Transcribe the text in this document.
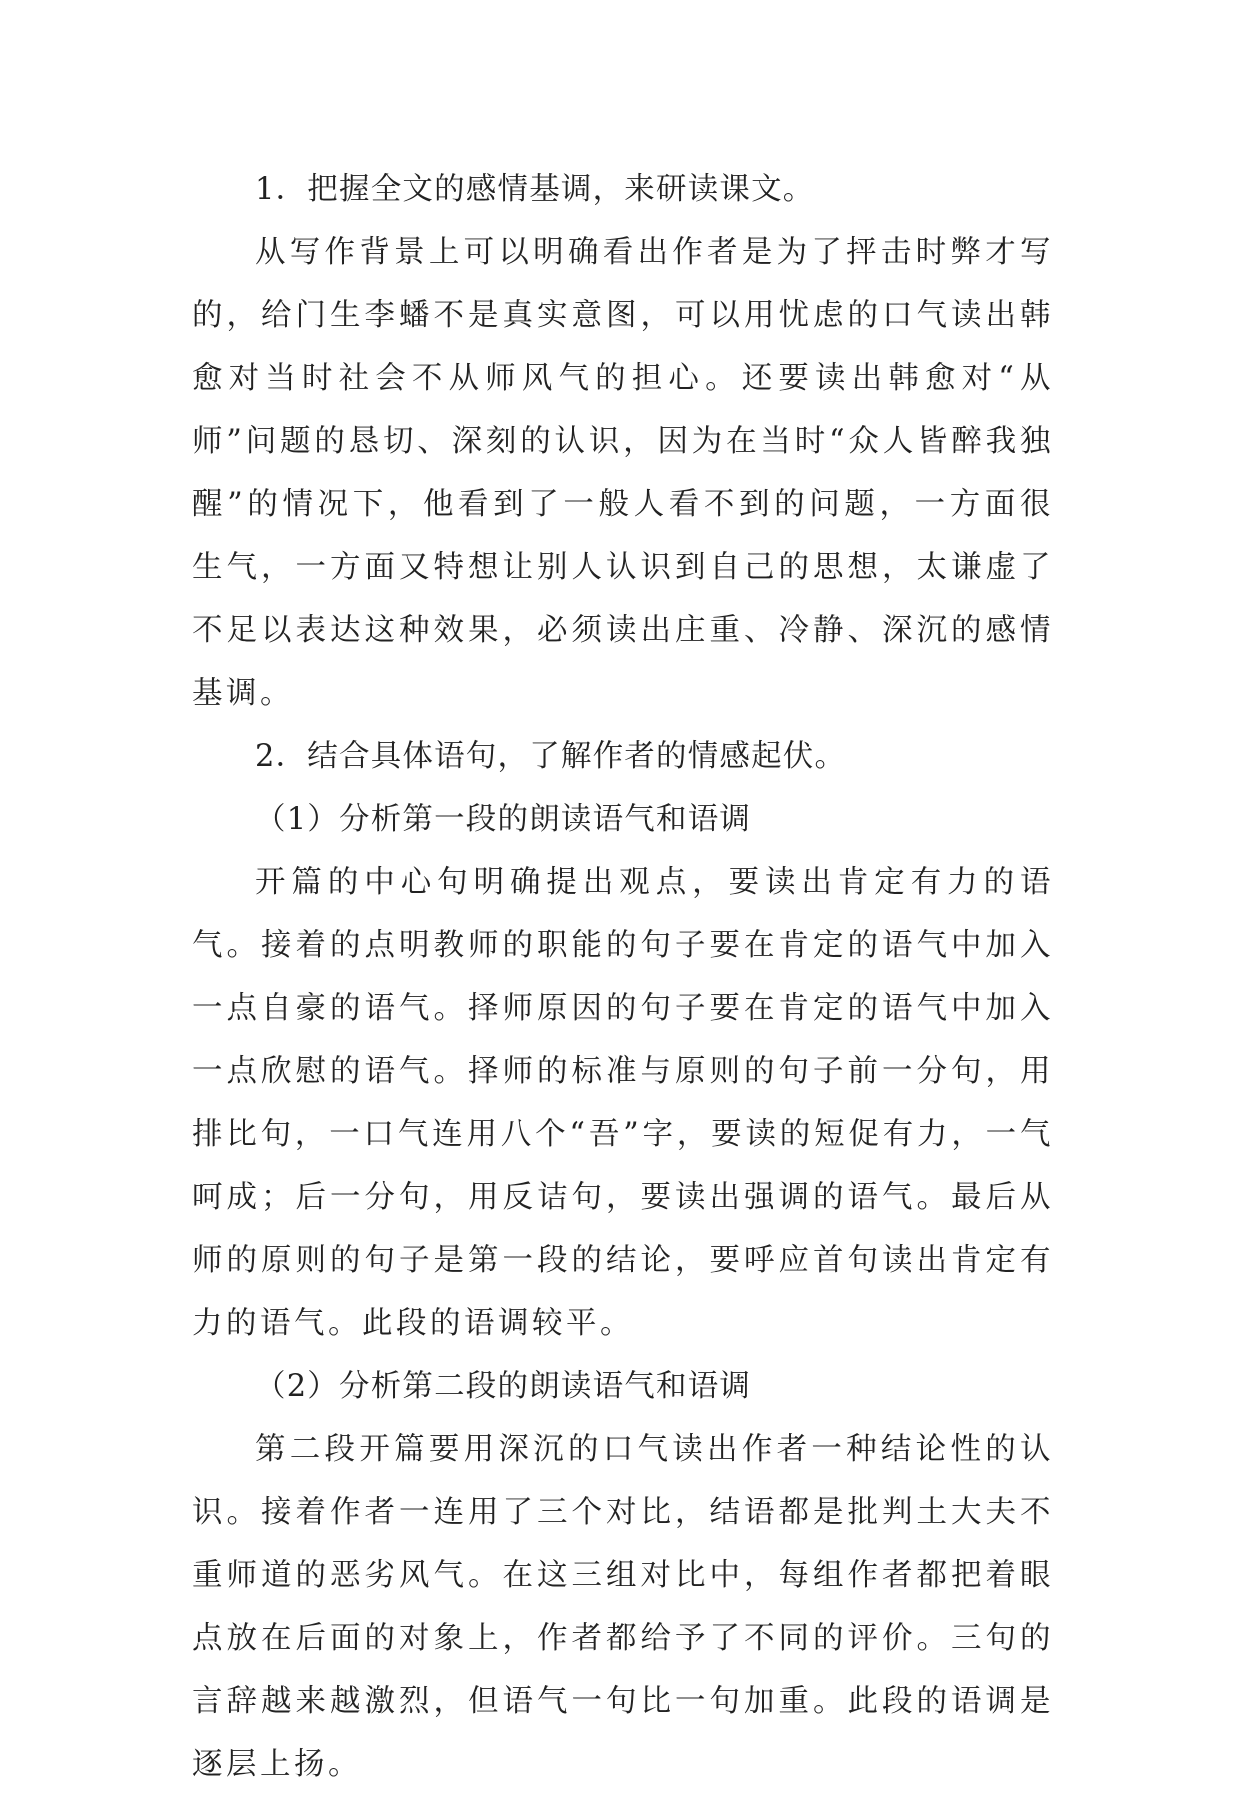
1．把握全文的感情基调，来研读课文。

从写作背景上可以明确看出作者是为了抨击时弊才写的，给门生李蟠不是真实意图，可以用忧虑的口气读出韩愈对当时社会不从师风气的担心。还要读出韩愈对“从师”问题的恳切、深刻的认识，因为在当时“众人皆醉我独醒”的情况下，他看到了一般人看不到的问题，一方面很生气，一方面又特想让别人认识到自己的思想，太谦虚了不足以表达这种效果，必须读出庄重、冷静、深沉的感情基调。

2．结合具体语句，了解作者的情感起伏。

（1）分析第一段的朗读语气和语调

开篇的中心句明确提出观点，要读出肯定有力的语气。接着的点明教师的职能的句子要在肯定的语气中加入一点自豪的语气。择师原因的句子要在肯定的语气中加入一点欣慰的语气。择师的标准与原则的句子前一分句，用排比句，一口气连用八个“吾”字，要读的短促有力，一气呵成；后一分句，用反诘句，要读出强调的语气。最后从师的原则的句子是第一段的结论，要呼应首句读出肯定有力的语气。此段的语调较平。

（2）分析第二段的朗读语气和语调

第二段开篇要用深沉的口气读出作者一种结论性的认识。接着作者一连用了三个对比，结语都是批判土大夫不重师道的恶劣风气。在这三组对比中，每组作者都把着眼点放在后面的对象上，作者都给予了不同的评价。三句的言辞越来越激烈，但语气一句比一句加重。此段的语调是逐层上扬。
